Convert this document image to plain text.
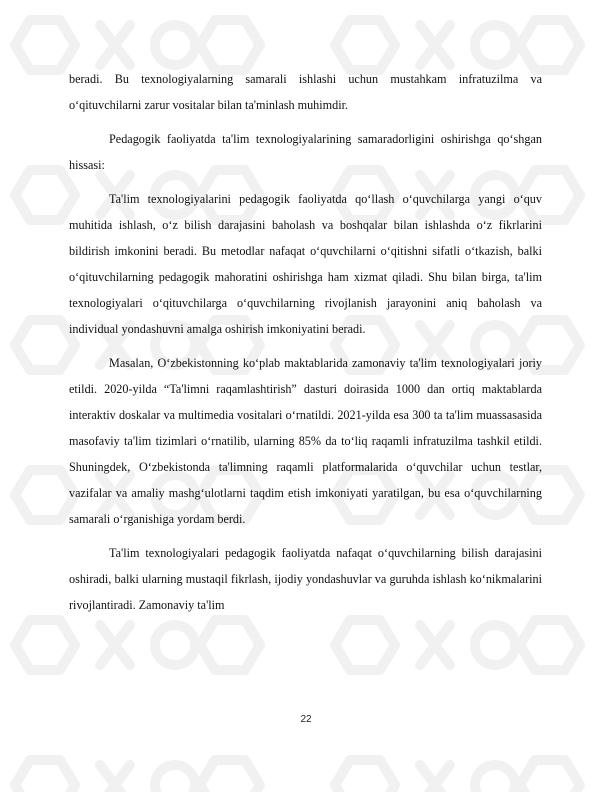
beradi. Bu texnologiyalarning samarali ishlashi uchun mustahkam infratuzilma va o‘qituvchilarni zarur vositalar bilan ta'minlash muhimdir.

Pedagogik faoliyatda ta'lim texnologiyalarining samaradorligini oshirishga qo‘shgan hissasi:

Ta'lim texnologiyalarini pedagogik faoliyatda qo‘llash o‘quvchilarga yangi o‘quv muhitida ishlash, o‘z bilish darajasini baholash va boshqalar bilan ishlashda o‘z fikrlarini bildirish imkonini beradi. Bu metodlar nafaqat o‘quvchilarni o‘qitishni sifatli o‘tkazish, balki o‘qituvchilarning pedagogik mahoratini oshirishga ham xizmat qiladi. Shu bilan birga, ta'lim texnologiyalari o‘qituvchilarga o‘quvchilarning rivojlanish jarayonini aniq baholash va individual yondashuvni amalga oshirish imkoniyatini beradi.

Masalan, O‘zbekistonning ko‘plab maktablarida zamonaviy ta'lim texnologiyalari joriy etildi. 2020-yilda “Ta'limni raqamlashtirish” dasturi doirasida 1000 dan ortiq maktablarda interaktiv doskalar va multimedia vositalari o‘rnatildi. 2021-yilda esa 300 ta ta'lim muassasasida masofaviy ta'lim tizimlari o‘rnatilib, ularning 85% da to‘liq raqamli infratuzilma tashkil etildi. Shuningdek, O‘zbekistonda ta'limning raqamli platformalarida o‘quvchilar uchun testlar, vazifalar va amaliy mashg‘ulotlarni taqdim etish imkoniyati yaratilgan, bu esa o‘quvchilarning samarali o‘rganishiga yordam berdi.

Ta'lim texnologiyalari pedagogik faoliyatda nafaqat o‘quvchilarning bilish darajasini oshiradi, balki ularning mustaqil fikrlash, ijodiy yondashuvlar va guruhda ishlash ko‘nikmalarini rivojlantiradi. Zamonaviy ta'lim

22
